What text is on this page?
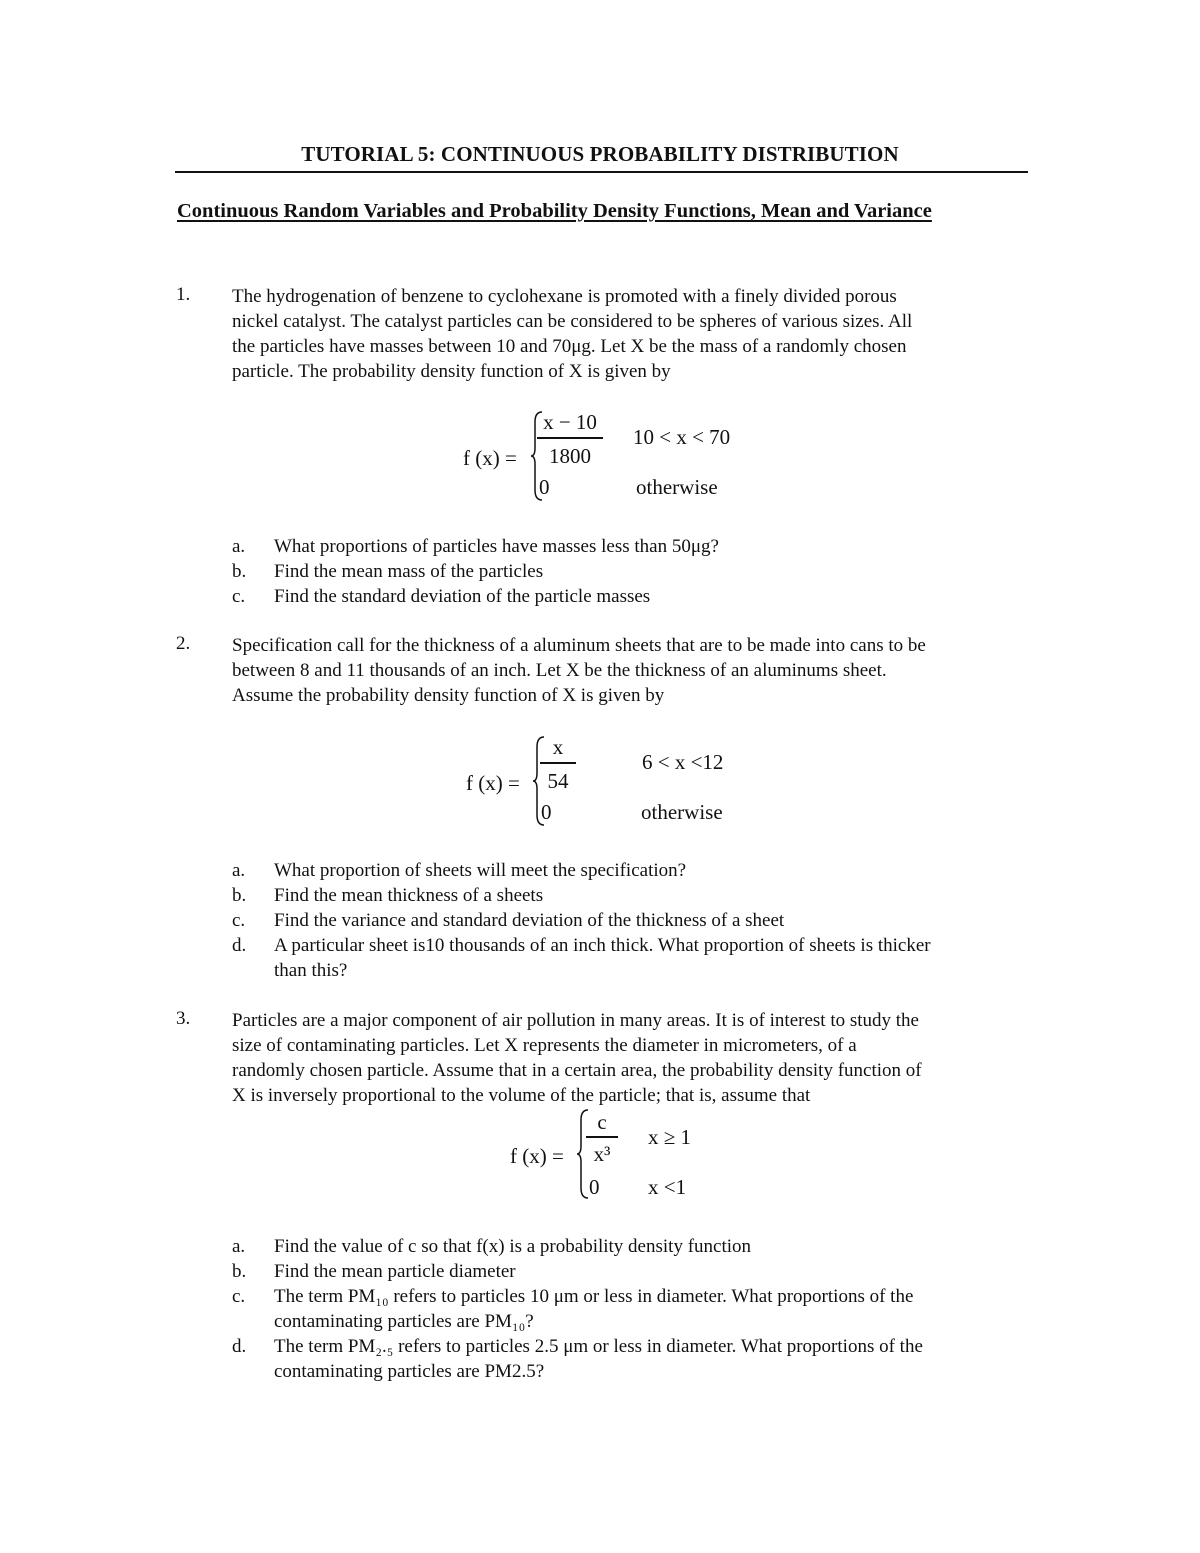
TUTORIAL 5: CONTINUOUS PROBABILITY DISTRIBUTION
Continuous Random Variables and Probability Density Functions, Mean and Variance
1. The hydrogenation of benzene to cyclohexane is promoted with a finely divided porous
nickel catalyst. The catalyst particles can be considered to be spheres of various sizes. All
the particles have masses between 10 and 70μg. Let X be the mass of a randomly chosen
particle. The probability density function of X is given by
f (x) =
x − 10
1800
10 < x < 70
0	otherwise
a. What proportions of particles have masses less than 50μg?
b. Find the mean mass of the particles
c. Find the standard deviation of the particle masses
2. Specification call for the thickness of a aluminum sheets that are to be made into cans to be
between 8 and 11 thousands of an inch. Let X be the thickness of an aluminums sheet.
Assume the probability density function of X is given by
f (x) =
x
54
6 < x <12
0	otherwise
a. What proportion of sheets will meet the specification?
b. Find the mean thickness of a sheets
c. Find the variance and standard deviation of the thickness of a sheet
d. A particular sheet is10 thousands of an inch thick. What proportion of sheets is thicker
than this?
3. Particles are a major component of air pollution in many areas. It is of interest to study the
size of contaminating particles. Let X represents the diameter in micrometers, of a
randomly chosen particle. Assume that in a certain area, the probability density function of
X is inversely proportional to the volume of the particle; that is, assume that
f (x) =
c
x³
x ≥ 1
0 x <1
a. Find the value of c so that f(x) is a probability density function
b. Find the mean particle diameter
c. The term PM₁₀ refers to particles 10 μm or less in diameter. What proportions of the
contaminating particles are PM₁₀?
d. The term PM₂.₅ refers to particles 2.5 μm or less in diameter. What proportions of the
contaminating particles are PM2.5?
